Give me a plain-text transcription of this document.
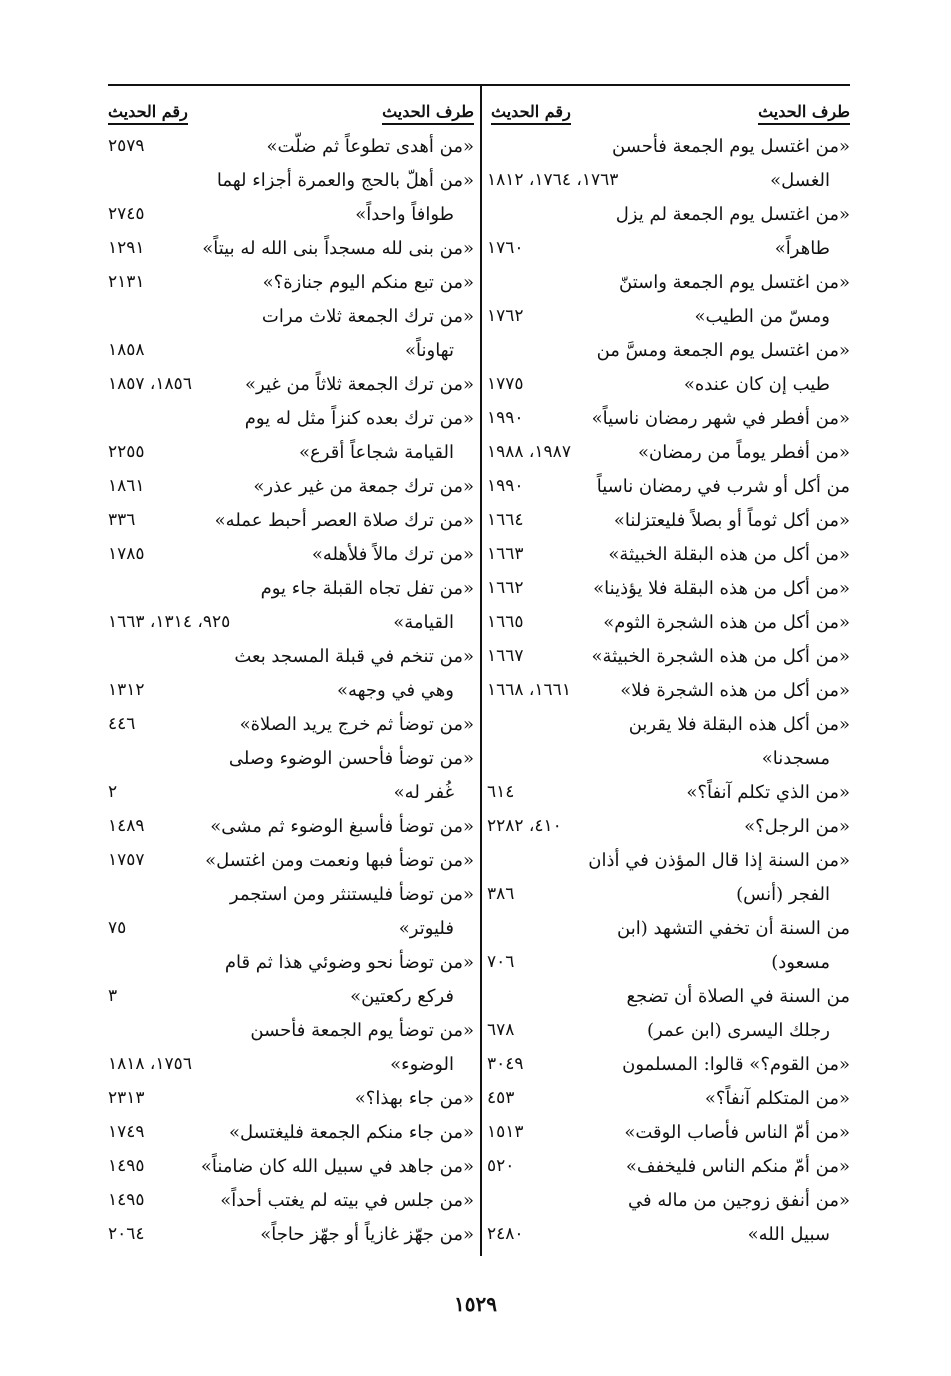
طرف الحديث
رقم الحديث
«من اغتسل يوم الجمعة فأحسن
الغسل»
١٧٦٣، ١٧٦٤، ١٨١٢
«من اغتسل يوم الجمعة لم يزل
طاهراً»
١٧٦٠
«من اغتسل يوم الجمعة واستنّ
ومسّ من الطيب»
١٧٦٢
«من اغتسل يوم الجمعة ومسَّ من
طيب إن كان عنده»
١٧٧٥
«من أفطر في شهر رمضان ناسياً»
١٩٩٠
«من أفطر يوماً من رمضان»
١٩٨٧، ١٩٨٨
من أكل أو شرب في رمضان ناسياً
١٩٩٠
«من أكل ثوماً أو بصلاً فليعتزلنا»
١٦٦٤
«من أكل من هذه البقلة الخبيثة»
١٦٦٣
«من أكل من هذه البقلة فلا يؤذينا»
١٦٦٢
«من أكل من هذه الشجرة الثوم»
١٦٦٥
«من أكل من هذه الشجرة الخبيثة»
١٦٦٧
«من أكل من هذه الشجرة فلا»
١٦٦١، ١٦٦٨
«من أكل هذه البقلة فلا يقربن
مسجدنا»
«من الذي تكلم آنفاً؟»
٦١٤
«من الرجل؟»
٤١٠، ٢٢٨٢
«من السنة إذا قال المؤذن في أذان
الفجر (أنس)
٣٨٦
من السنة أن تخفي التشهد (ابن
مسعود)
٧٠٦
من السنة في الصلاة أن تضجع
رجلك اليسرى (ابن عمر)
٦٧٨
«من القوم؟» قالوا: المسلمون
٣٠٤٩
«من المتكلم آنفاً؟»
٤٥٣
«من أمّ الناس فأصاب الوقت»
١٥١٣
«من أمّ منكم الناس فليخفف»
٥٢٠
«من أنفق زوجين من ماله في
سبيل الله»
٢٤٨٠
طرف الحديث
رقم الحديث
«من أهدى تطوعاً ثم ضلّت»
٢٥٧٩
«من أهلّ بالحج والعمرة أجزاء لهما
طوافاً واحداً»
٢٧٤٥
«من بنى لله مسجداً بنى الله له بيتاً»
١٢٩١
«من تبع منكم اليوم جنازة؟»
٢١٣١
«من ترك الجمعة ثلاث مرات
تهاوناً»
١٨٥٨
«من ترك الجمعة ثلاثاً من غير»
١٨٥٦، ١٨٥٧
«من ترك بعده كنزاً مثل له يوم
القيامة شجاعاً أقرع»
٢٢٥٥
«من ترك جمعة من غير عذر»
١٨٦١
«من ترك صلاة العصر أحبط عمله»
٣٣٦
«من ترك مالاً فلأهله»
١٧٨٥
«من تفل تجاه القبلة جاء يوم
القيامة»
٩٢٥، ١٣١٤، ١٦٦٣
«من تنخم في قبلة المسجد بعث
وهي في وجهه»
١٣١٢
«من توضأ ثم خرج يريد الصلاة»
٤٤٦
«من توضأ فأحسن الوضوء وصلى
غُفر له»
٢
«من توضأ فأسبغ الوضوء ثم مشى»
١٤٨٩
«من توضأ فبها ونعمت ومن اغتسل»
١٧٥٧
«من توضأ فليستنثر ومن استجمر
فليوتر»
٧٥
«من توضأ نحو وضوئي هذا ثم قام
فركع ركعتين»
٣
«من توضأ يوم الجمعة فأحسن
الوضوء»
١٧٥٦، ١٨١٨
«من جاء بهذا؟»
٢٣١٣
«من جاء منكم الجمعة فليغتسل»
١٧٤٩
«من جاهد في سبيل الله كان ضامناً»
١٤٩٥
«من جلس في بيته لم يغتب أحداً»
١٤٩٥
«من جهّز غازياً أو جهّز حاجاً»
٢٠٦٤
١٥٢٩
